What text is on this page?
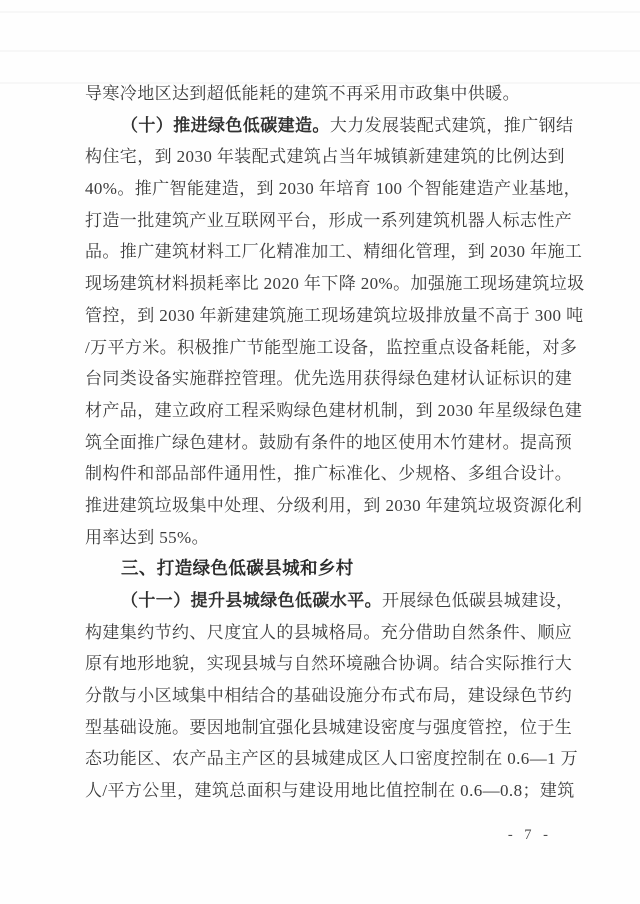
导寒冷地区达到超低能耗的建筑不再采用市政集中供暖。
（十）推进绿色低碳建造。大力发展装配式建筑，推广钢结
构住宅，到 2030 年装配式建筑占当年城镇新建建筑的比例达到
40%。推广智能建造，到 2030 年培育 100 个智能建造产业基地，
打造一批建筑产业互联网平台，形成一系列建筑机器人标志性产
品。推广建筑材料工厂化精准加工、精细化管理，到 2030 年施工
现场建筑材料损耗率比 2020 年下降 20%。加强施工现场建筑垃圾
管控，到 2030 年新建建筑施工现场建筑垃圾排放量不高于 300 吨
/万平方米。积极推广节能型施工设备，监控重点设备耗能，对多
台同类设备实施群控管理。优先选用获得绿色建材认证标识的建
材产品，建立政府工程采购绿色建材机制，到 2030 年星级绿色建
筑全面推广绿色建材。鼓励有条件的地区使用木竹建材。提高预
制构件和部品部件通用性，推广标准化、少规格、多组合设计。
推进建筑垃圾集中处理、分级利用，到 2030 年建筑垃圾资源化利
用率达到 55%。
三、打造绿色低碳县城和乡村
（十一）提升县城绿色低碳水平。开展绿色低碳县城建设，
构建集约节约、尺度宜人的县城格局。充分借助自然条件、顺应
原有地形地貌，实现县城与自然环境融合协调。结合实际推行大
分散与小区域集中相结合的基础设施分布式布局，建设绿色节约
型基础设施。要因地制宜强化县城建设密度与强度管控，位于生
态功能区、农产品主产区的县城建成区人口密度控制在 0.6—1 万
人/平方公里，建筑总面积与建设用地比值控制在 0.6—0.8；建筑
- 7 -
